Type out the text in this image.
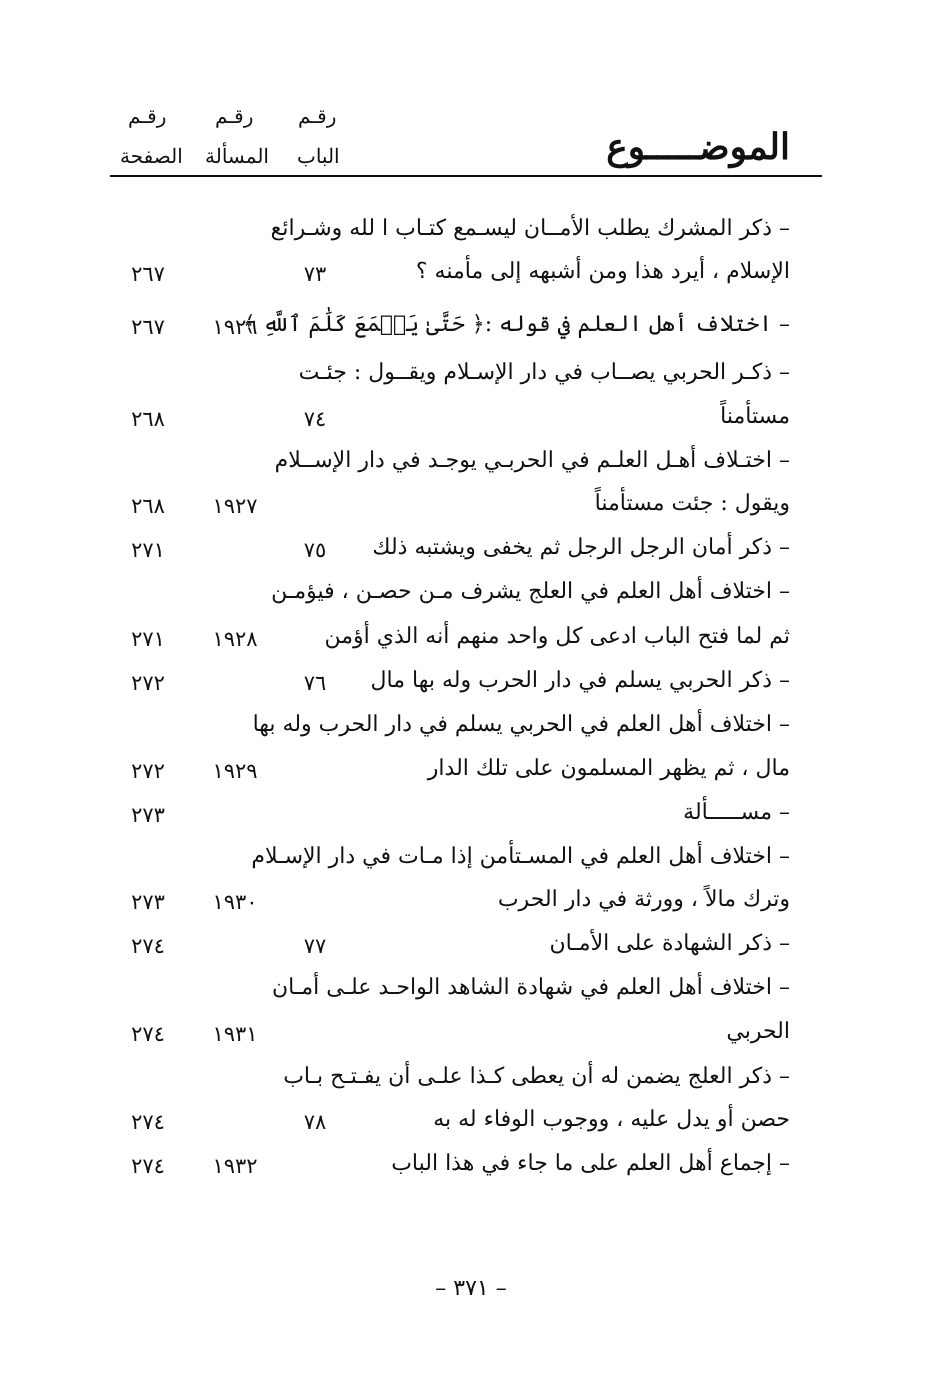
رقـم
الباب
رقـم
المسألة
رقـم
الصفحة	الموضـــــوع
– ذكر المشرك يطلب الأمــان ليسـمع كتـاب ا لله وشـرائع
الإسلام ، أيرد هذا ومن أشبهه إلى مأمنه ؟
٧٣
٢٦٧
– اختلاف أهل العلم في قوله :﴿ حَتَّىٰ يَسۡمَعَ كَلَٰمَ ٱللَّهِ ﴾
١٩٢٦
٢٦٧
– ذكـر الحربي يصــاب في دار الإسـلام ويقــول : جئـت
مستأمناً
٧٤
٢٦٨
– اختـلاف أهـل العلـم في الحربـي يوجـد في دار الإســلام
ويقول : جئت مستأمناً
١٩٢٧
٢٦٨
– ذكر أمان الرجل الرجل ثم يخفى ويشتبه ذلك
٧٥
٢٧١
– اختلاف أهل العلم في العلج يشرف مـن حصـن ، فيؤمـن
ثم لما فتح الباب ادعى كل واحد منهم أنه الذي أؤمن
١٩٢٨
٢٧١
– ذكر الحربي يسلم في دار الحرب وله بها مال
٧٦
٢٧٢
– اختلاف أهل العلم في الحربي يسلم في دار الحرب وله بها
مال ، ثم يظهر المسلمون على تلك الدار
١٩٢٩
٢٧٢
– مســـــألة
٢٧٣
– اختلاف أهل العلم في المسـتأمن إذا مـات في دار الإسـلام
وترك مالاً ، وورثة في دار الحرب
١٩٣٠
٢٧٣
– ذكر الشهادة على الأمـان
٧٧
٢٧٤
– اختلاف أهل العلم في شهادة الشاهد الواحـد علـى أمـان
الحربي
١٩٣١
٢٧٤
– ذكر العلج يضمن له أن يعطى كـذا علـى أن يفـتـح بـاب
حصن أو يدل عليه ، ووجوب الوفاء له به
٧٨
٢٧٤
– إجماع أهل العلم على ما جاء في هذا الباب
١٩٣٢
٢٧٤
– ٣٧١ –
